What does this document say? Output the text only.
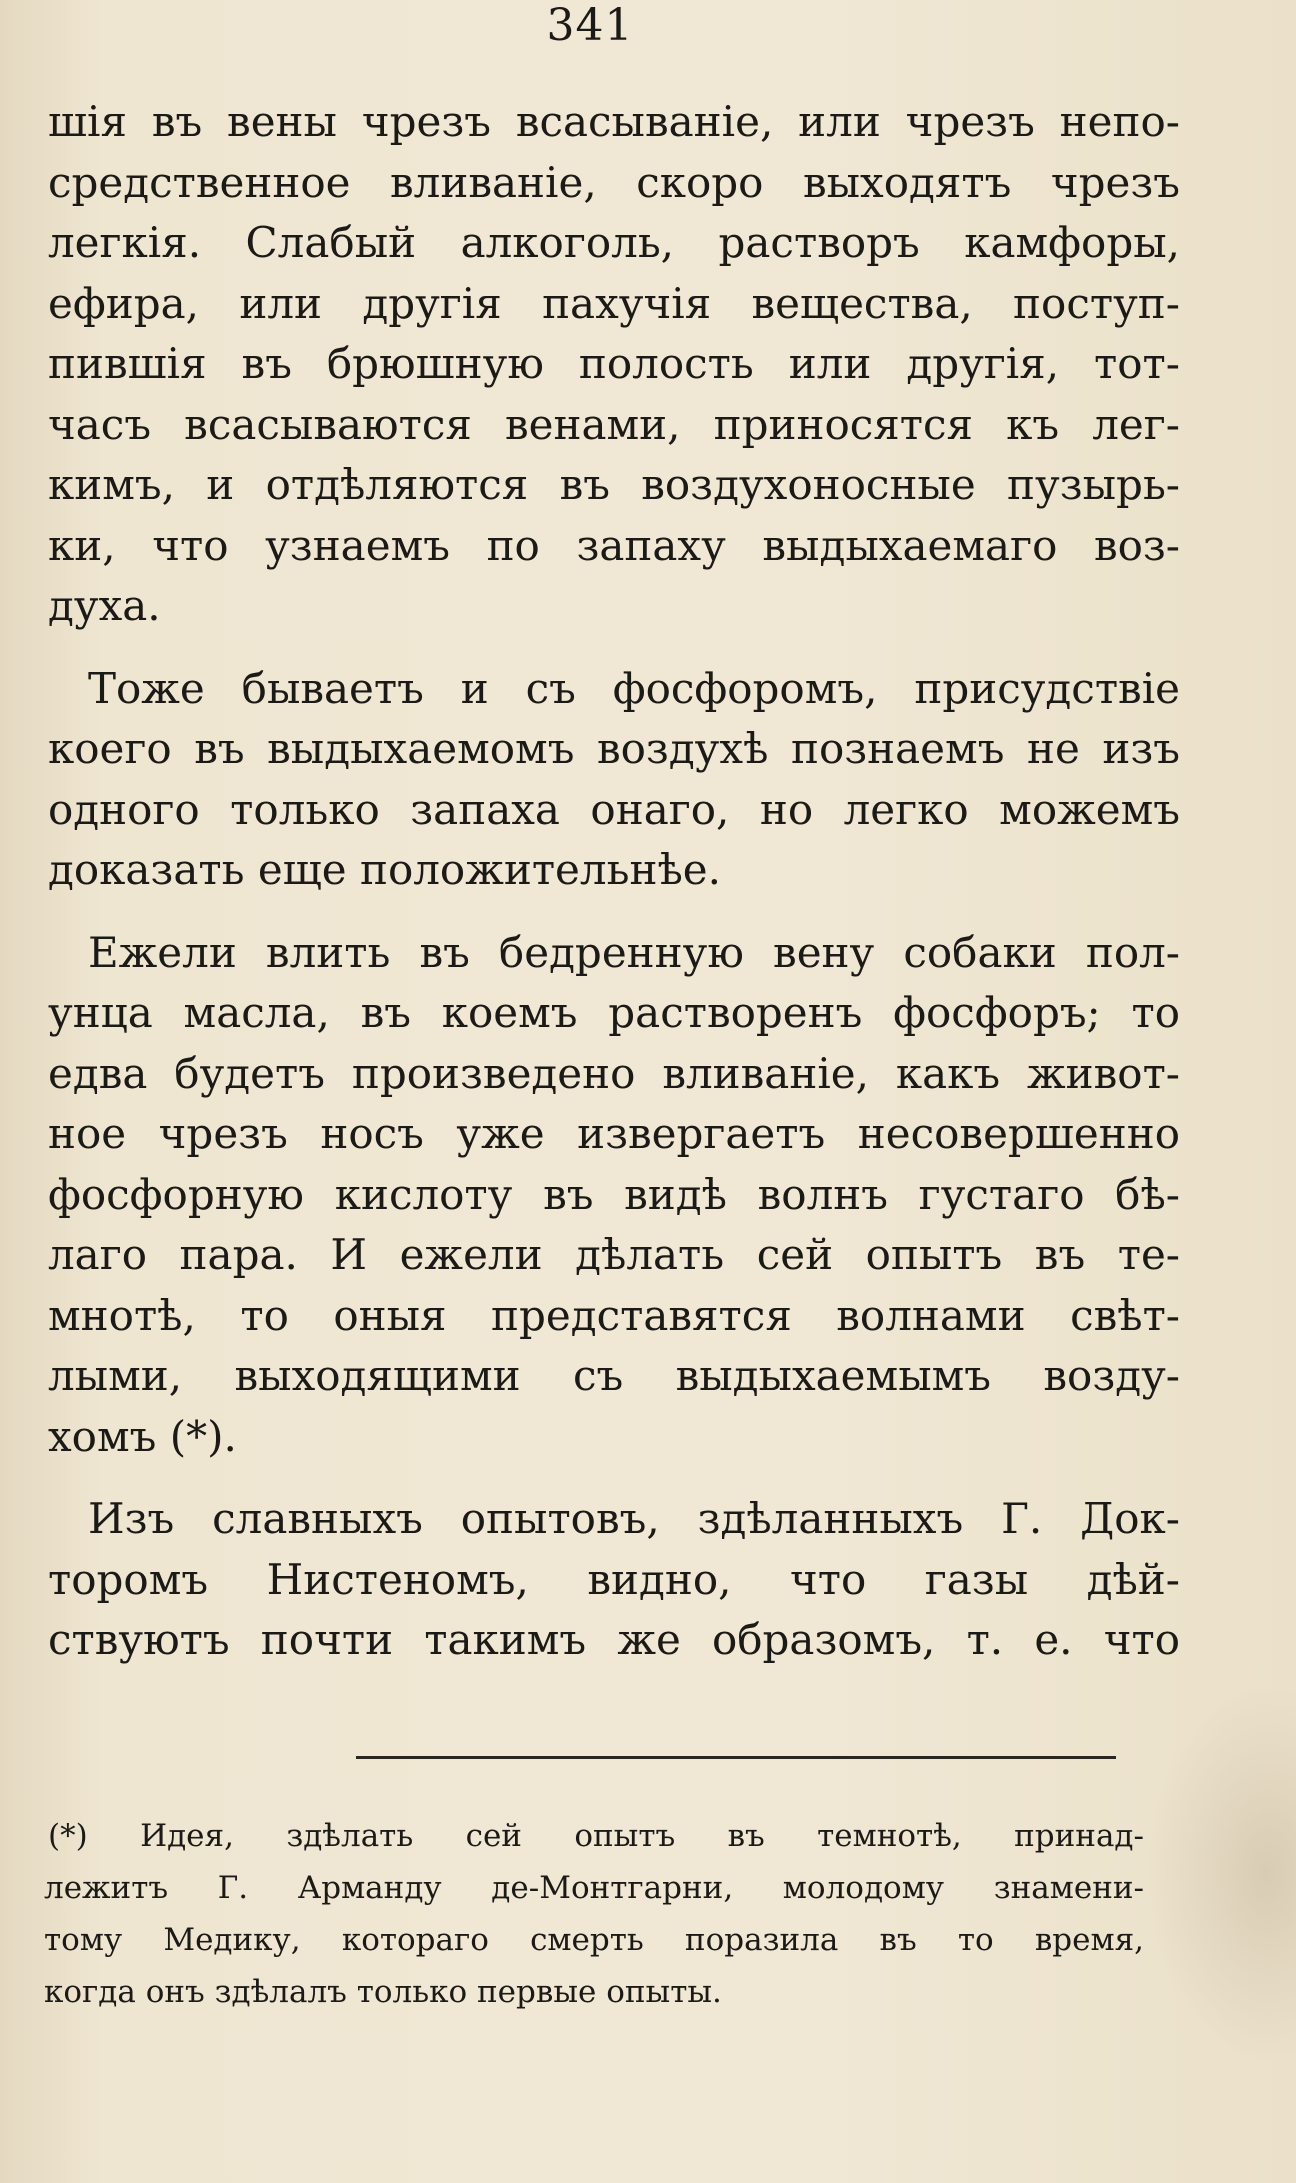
341
шія въ вены чрезъ всасываніе, или чрезъ непо-
средственное вливаніе, скоро выходятъ чрезъ
легкія. Слабый алкоголь, растворъ камфоры,
ефира, или другія пахучія вещества, поступ-
пившія въ брюшную полость или другія, тот-
часъ всасываются венами, приносятся къ лег-
кимъ, и отдѣляются въ воздухоносные пузырь-
ки, что узнаемъ по запаху выдыхаемаго воз-
духа.
Тоже бываетъ и съ фосфоромъ, присудствіе
коего въ выдыхаемомъ воздухѣ познаемъ не изъ
одного только запаха онаго, но легко можемъ
доказать еще положительнѣе.
Ежели влить въ бедренную вену собаки пол-
унца масла, въ коемъ растворенъ фосфоръ; то
едва будетъ произведено вливаніе, какъ живот-
ное чрезъ носъ уже извергаетъ несовершенно
фосфорную кислоту въ видѣ волнъ густаго бѣ-
лаго пара. И ежели дѣлать сей опытъ въ те-
мнотѣ, то оныя представятся волнами свѣт-
лыми, выходящими съ выдыхаемымъ возду-
хомъ (*).
Изъ славныхъ опытовъ, здѣланныхъ Г. Док-
торомъ Нистеномъ, видно, что газы дѣй-
ствуютъ почти такимъ же образомъ, т. е. что
(*) Идея, здѣлать сей опытъ въ темнотѣ, принад-
лежитъ Г. Арманду де-Монтгарни, молодому знамени-
тому Медику, котораго смерть поразила въ то время,
когда онъ здѣлалъ только первые опыты.
